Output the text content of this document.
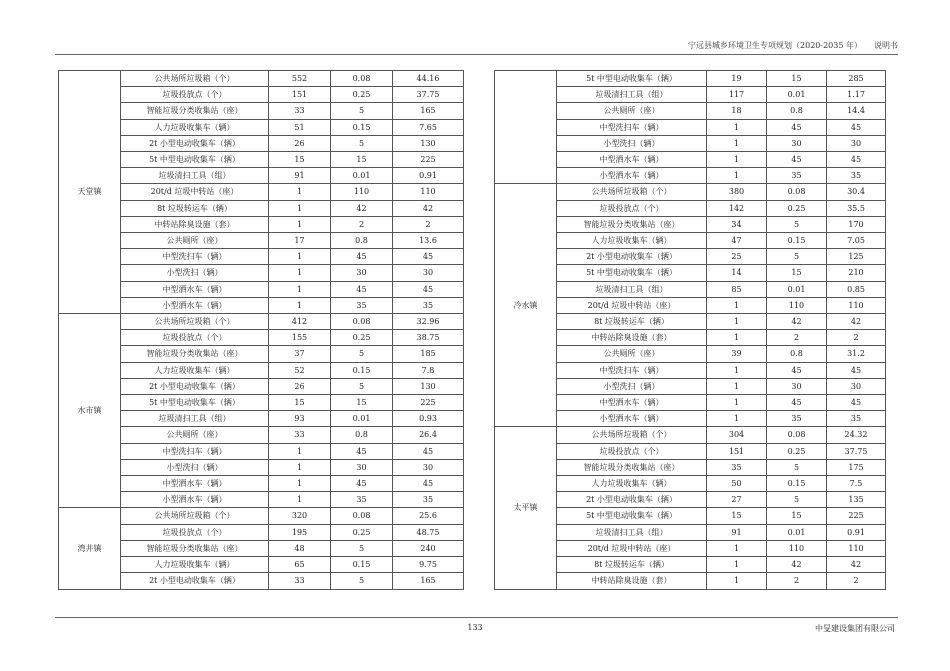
宁远县城乡环境卫生专项规划（2020-2035 年） 说明书
天堂镇	公共场所垃圾箱（个）	552	0.08	44.16
	垃圾投放点（个）	151	0.25	37.75
	智能垃圾分类收集站（座）	33	5	165
	人力垃圾收集车（辆）	51	0.15	7.65
	2t 小型电动收集车（辆）	26	5	130
	5t 中型电动收集车（辆）	15	15	225
	垃圾清扫工具（组）	91	0.01	0.91
	20t/d 垃圾中转站（座）	1	110	110
	8t 垃圾转运车（辆）	1	42	42
	中转站除臭设施（套）	1	2	2
	公共厕所（座）	17	0.8	13.6
	中型洗扫车（辆）	1	45	45
	小型洗扫（辆）	1	30	30
	中型洒水车（辆）	1	45	45
	小型洒水车（辆）	1	35	35
水市镇	公共场所垃圾箱（个）	412	0.08	32.96
	垃圾投放点（个）	155	0.25	38.75
	智能垃圾分类收集站（座）	37	5	185
	人力垃圾收集车（辆）	52	0.15	7.8
	2t 小型电动收集车（辆）	26	5	130
	5t 中型电动收集车（辆）	15	15	225
	垃圾清扫工具（组）	93	0.01	0.93
	公共厕所（座）	33	0.8	26.4
	中型洗扫车（辆）	1	45	45
	小型洗扫（辆）	1	30	30
	中型洒水车（辆）	1	45	45
	小型洒水车（辆）	1	35	35
湾井镇	公共场所垃圾箱（个）	320	0.08	25.6
	垃圾投放点（个）	195	0.25	48.75
	智能垃圾分类收集站（座）	48	5	240
	人力垃圾收集车（辆）	65	0.15	9.75
	2t 小型电动收集车（辆）	33	5	165
	5t 中型电动收集车（辆）	19	15	285
	垃圾清扫工具（组）	117	0.01	1.17
	公共厕所（座）	18	0.8	14.4
	中型洗扫车（辆）	1	45	45
	小型洗扫（辆）	1	30	30
	中型洒水车（辆）	1	45	45
	小型洒水车（辆）	1	35	35
冷水镇	公共场所垃圾箱（个）	380	0.08	30.4
	垃圾投放点（个）	142	0.25	35.5
	智能垃圾分类收集站（座）	34	5	170
	人力垃圾收集车（辆）	47	0.15	7.05
	2t 小型电动收集车（辆）	25	5	125
	5t 中型电动收集车（辆）	14	15	210
	垃圾清扫工具（组）	85	0.01	0.85
	20t/d 垃圾中转站（座）	1	110	110
	8t 垃圾转运车（辆）	1	42	42
	中转站除臭设施（套）	1	2	2
	公共厕所（座）	39	0.8	31.2
	中型洗扫车（辆）	1	45	45
	小型洗扫（辆）	1	30	30
	中型洒水车（辆）	1	45	45
	小型洒水车（辆）	1	35	35
太平镇	公共场所垃圾箱（个）	304	0.08	24.32
	垃圾投放点（个）	151	0.25	37.75
	智能垃圾分类收集站（座）	35	5	175
	人力垃圾收集车（辆）	50	0.15	7.5
	2t 小型电动收集车（辆）	27	5	135
	5t 中型电动收集车（辆）	15	15	225
	垃圾清扫工具（组）	91	0.01	0.91
	20t/d 垃圾中转站（座）	1	110	110
	8t 垃圾转运车（辆）	1	42	42
	中转站除臭设施（套）	1	2	2
133	中旻建设集团有限公司
